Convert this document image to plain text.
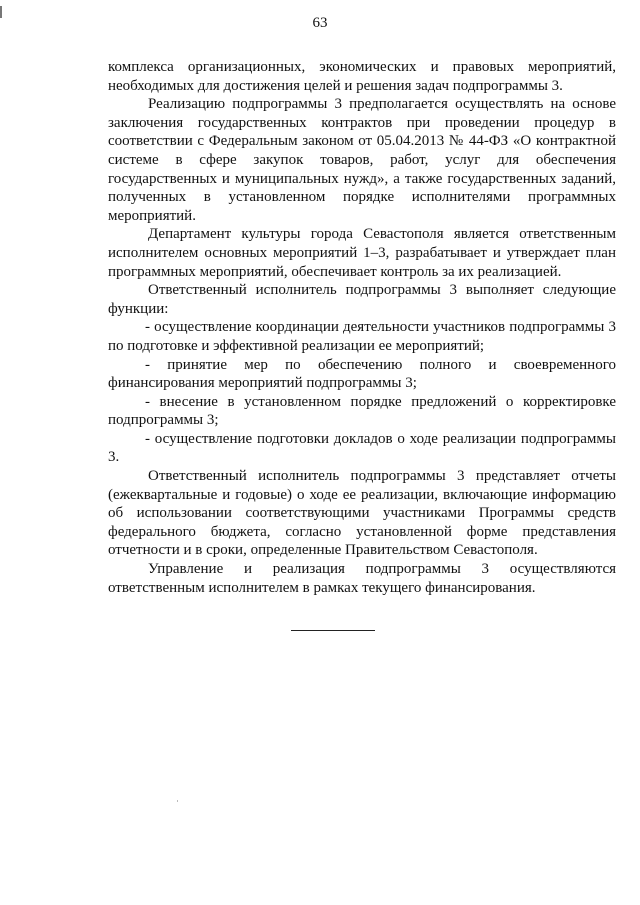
63

комплекса организационных, экономических и правовых мероприятий, необходимых для достижения целей и решения задач подпрограммы 3.

Реализацию подпрограммы 3 предполагается осуществлять на основе заключения государственных контрактов при проведении процедур в соответствии с Федеральным законом от 05.04.2013 № 44-ФЗ «О контрактной системе в сфере закупок товаров, работ, услуг для обеспечения государственных и муниципальных нужд», а также государственных заданий, полученных в установленном порядке исполнителями программных мероприятий.

Департамент культуры города Севастополя является ответственным исполнителем основных мероприятий 1–3, разрабатывает и утверждает план программных мероприятий, обеспечивает контроль за их реализацией.

Ответственный исполнитель подпрограммы 3 выполняет следующие функции:

- осуществление координации деятельности участников подпрограммы 3 по подготовке и эффективной реализации ее мероприятий;

- принятие мер по обеспечению полного и своевременного финансирования мероприятий подпрограммы 3;

- внесение в установленном порядке предложений о корректировке подпрограммы 3;

- осуществление подготовки докладов о ходе реализации подпрограммы 3.

Ответственный исполнитель подпрограммы 3 представляет отчеты (ежеквартальные и годовые) о ходе ее реализации, включающие информацию об использовании соответствующими участниками Программы средств федерального бюджета, согласно установленной форме представления отчетности и в сроки, определенные Правительством Севастополя.

Управление и реализация подпрограммы 3 осуществляются ответственным исполнителем в рамках текущего финансирования.
